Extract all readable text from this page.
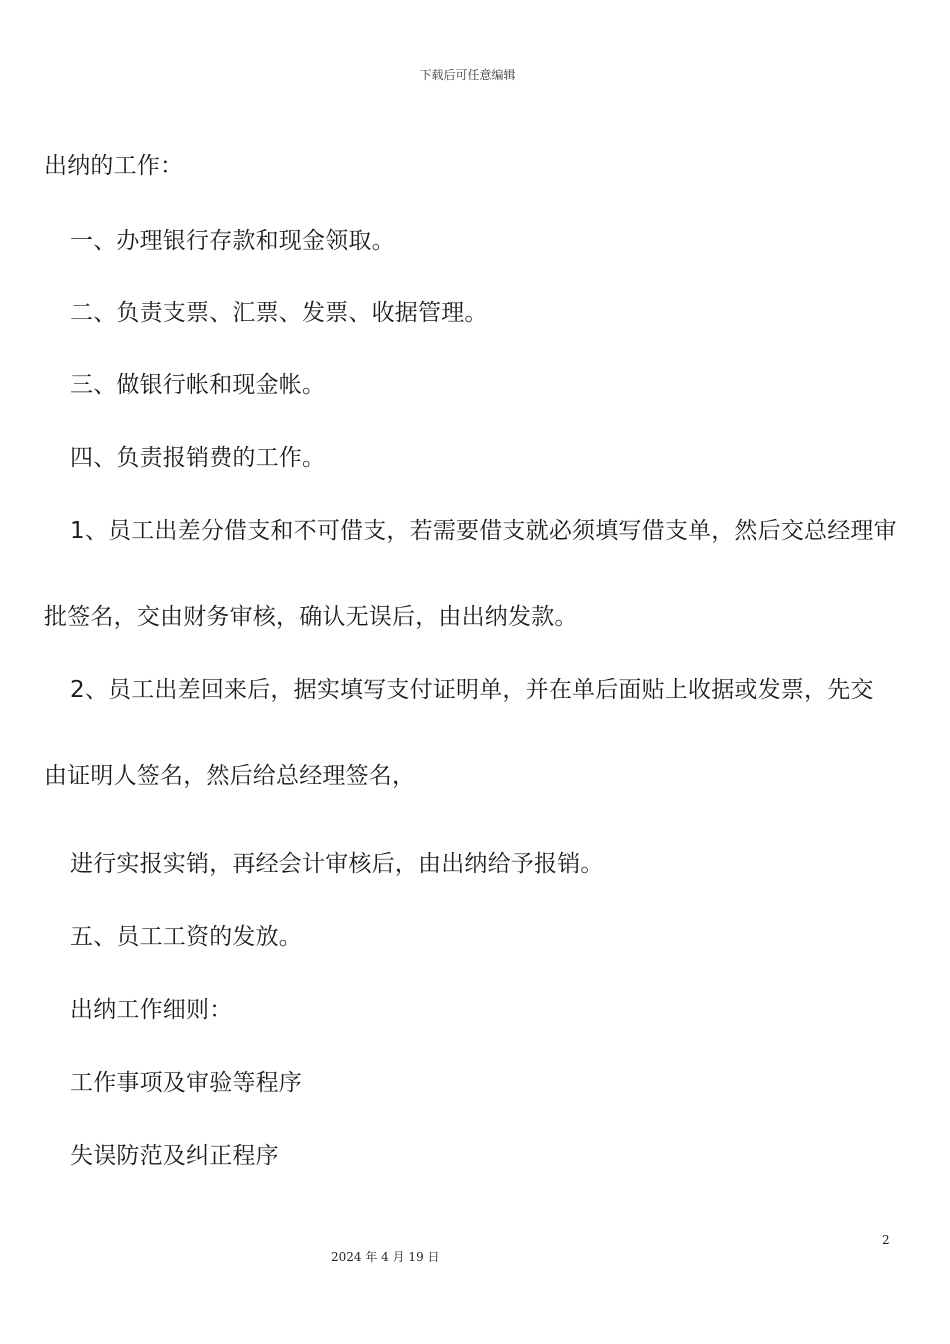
下载后可任意编辑
出纳的工作：
一、办理银行存款和现金领取。
二、负责支票、汇票、发票、收据管理。
三、做银行帐和现金帐。
四、负责报销费的工作。
1、员工出差分借支和不可借支，若需要借支就必须填写借支单，然后交总经理审
批签名，交由财务审核，确认无误后，由出纳发款。
2、员工出差回来后，据实填写支付证明单，并在单后面贴上收据或发票，先交
由证明人签名，然后给总经理签名，
进行实报实销，再经会计审核后，由出纳给予报销。
五、员工工资的发放。
出纳工作细则：
工作事项及审验等程序
失误防范及纠正程序
2
2024 年 4 月 19 日
